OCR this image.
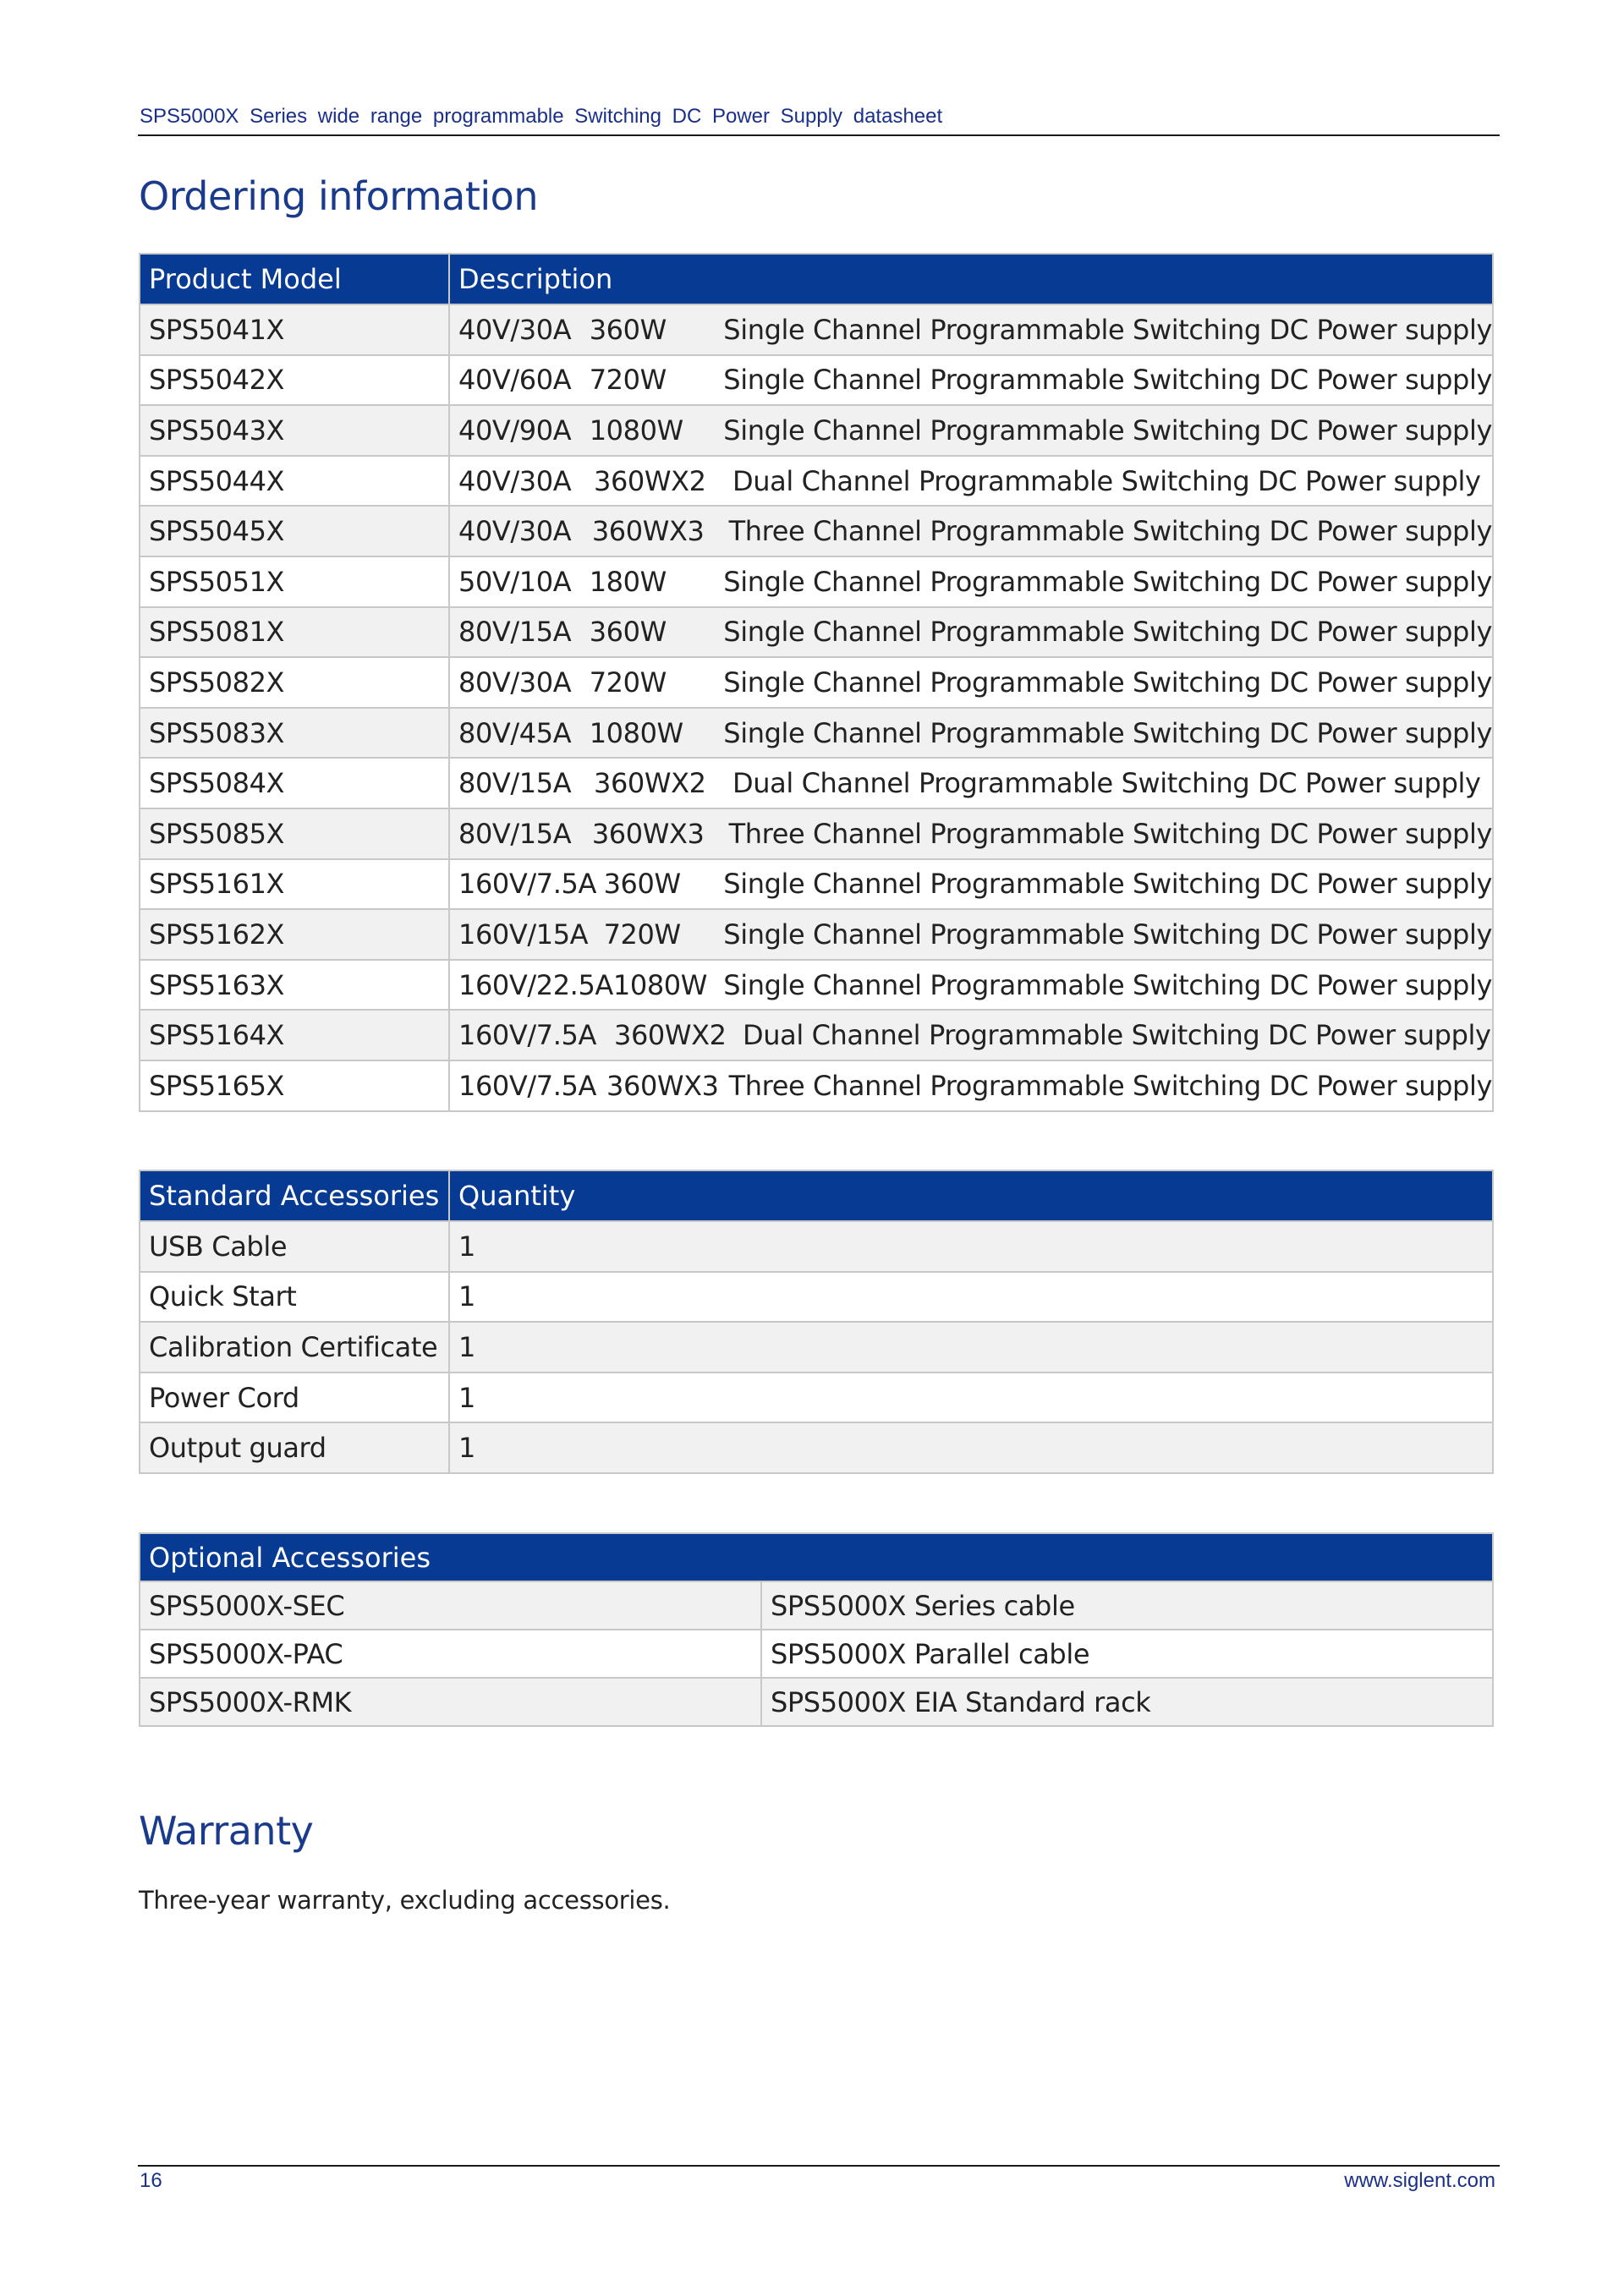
SPS5000X Series wide range programmable Switching DC Power Supply datasheet
Ordering information
Product Model	Description
SPS5041X	40V/30A 360W Single Channel Programmable Switching DC Power supply

SPS5042X	40V/60A 720W Single Channel Programmable Switching DC Power supply

SPS5043X	40V/90A 1080W Single Channel Programmable Switching DC Power supply

SPS5044X	40V/30A 360WX2 Dual Channel Programmable Switching DC Power supply

SPS5045X	40V/30A 360WX3 Three Channel Programmable Switching DC Power supply

SPS5051X	50V/10A 180W Single Channel Programmable Switching DC Power supply

SPS5081X	80V/15A 360W Single Channel Programmable Switching DC Power supply

SPS5082X	80V/30A 720W Single Channel Programmable Switching DC Power supply

SPS5083X	80V/45A 1080W Single Channel Programmable Switching DC Power supply

SPS5084X	80V/15A 360WX2 Dual Channel Programmable Switching DC Power supply

SPS5085X	80V/15A 360WX3 Three Channel Programmable Switching DC Power supply

SPS5161X	160V/7.5A 360W Single Channel Programmable Switching DC Power supply

SPS5162X	160V/15A 720W Single Channel Programmable Switching DC Power supply

SPS5163X	160V/22.5A 1080W Single Channel Programmable Switching DC Power supply

SPS5164X	160V/7.5A 360WX2 Dual Channel Programmable Switching DC Power supply

SPS5165X	160V/7.5A 360WX3 Three Channel Programmable Switching DC Power supply
Standard Accessories	Quantity
USB Cable	1
Quick Start	1
Calibration Certificate	1
Power Cord	1
Output guard	1
Optional Accessories	
SPS5000X-SEC	SPS5000X Series cable
SPS5000X-PAC	SPS5000X Parallel cable
SPS5000X-RMK	SPS5000X EIA Standard rack
Warranty
Three-year warranty, excluding accessories.
16	www.siglent.com
